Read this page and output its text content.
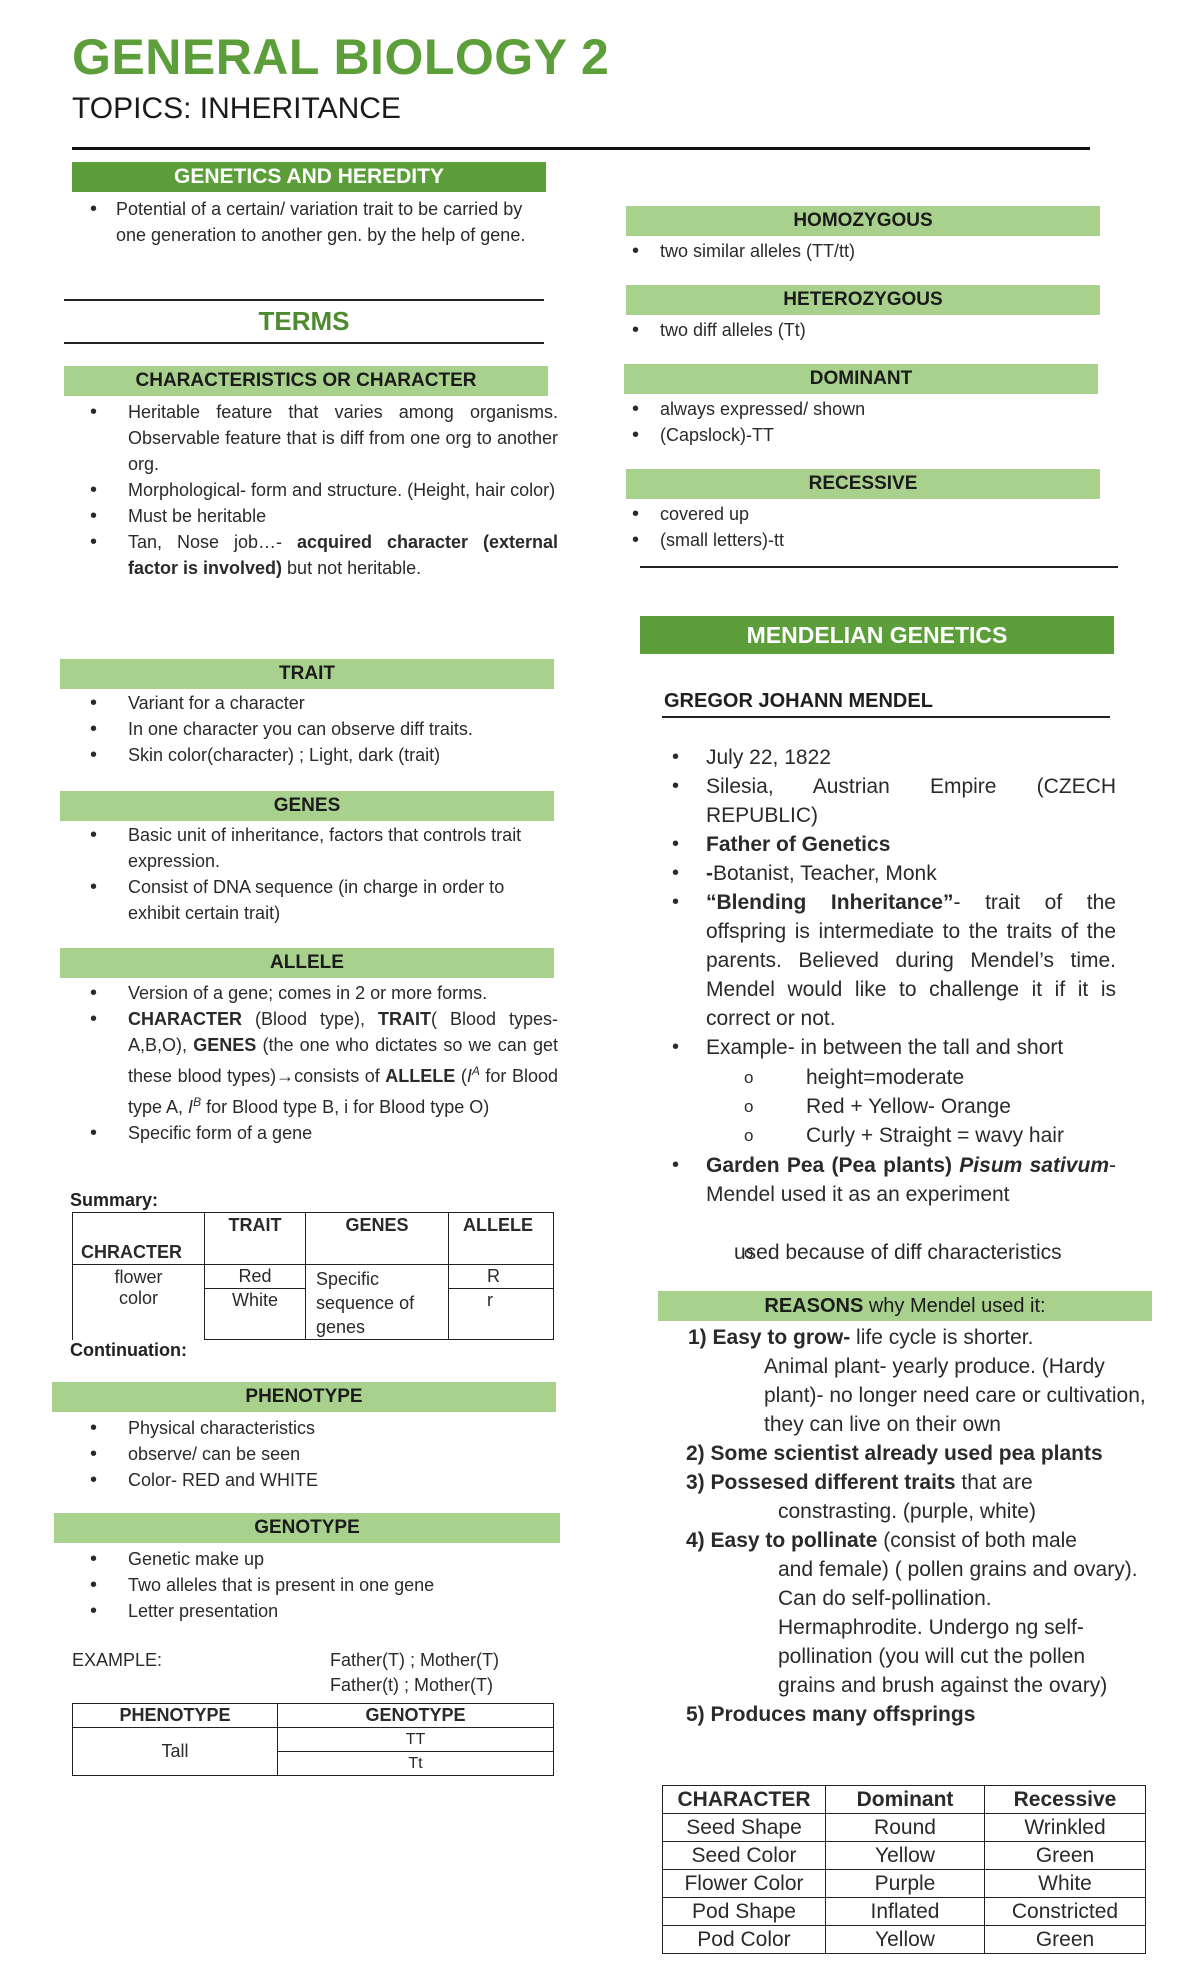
GENERAL BIOLOGY 2
TOPICS: INHERITANCE
GENETICS AND HEREDITY
• Potential of a certain/ variation trait to be carried by one generation to another gen. by the help of gene.
TERMS
CHARACTERISTICS OR CHARACTER
• Heritable feature that varies among organisms. Observable feature that is diff from one org to another org.
• Morphological- form and structure. (Height, hair color)
• Must be heritable
• Tan, Nose job…- acquired character (external factor is involved) but not heritable.
TRAIT
• Variant for a character
• In one character you can observe diff traits.
• Skin color(character) ; Light, dark (trait)
GENES
• Basic unit of inheritance, factors that controls trait expression.
• Consist of DNA sequence (in charge in order to exhibit certain trait)
ALLELE
• Version of a gene; comes in 2 or more forms.
• CHARACTER (Blood type), TRAIT( Blood types-A,B,O), GENES (the one who dictates so we can get these blood types)→consists of ALLELE ($I^A$ for Blood type A, $I^B$ for Blood type B, i for Blood type O)
• Specific form of a gene
Summary:
CHRACTER	TRAIT	GENES	ALLELE
flower color	Red	Specific sequence of genes	R
	White		r
Continuation:
PHENOTYPE
• Physical characteristics
• observe/ can be seen
• Color- RED and WHITE
GENOTYPE
• Genetic make up
• Two alleles that is present in one gene
• Letter presentation
EXAMPLE:	Father(T) ; Mother(T)
Father(t) ; Mother(T)
PHENOTYPE	GENOTYPE
Tall	TT
	Tt
HOMOZYGOUS
• two similar alleles (TT/tt)
HETEROZYGOUS
• two diff alleles (Tt)
DOMINANT
• always expressed/ shown
• (Capslock)-TT
RECESSIVE
• covered up
• (small letters)-tt
MENDELIAN GENETICS
GREGOR JOHANN MENDEL
• July 22, 1822
• Silesia, Austrian Empire (CZECH REPUBLIC)
• Father of Genetics
• -Botanist, Teacher, Monk
• “Blending Inheritance”- trait of the offspring is intermediate to the traits of the parents. Believed during Mendel’s time. Mendel would like to challenge it if it is correct or not.
• Example- in between the tall and short
o height=moderate
o Red + Yellow- Orange
o Curly + Straight = wavy hair
• Garden Pea (Pea plants) Pisum sativum- Mendel used it as an experiment
o used because of diff characteristics
REASONS why Mendel used it:
1) Easy to grow- life cycle is shorter.
Animal plant- yearly produce. (Hardy plant)- no longer need care or cultivation, they can live on their own
2) Some scientist already used pea plants
3) Possesed different traits that are
constrasting. (purple, white)
4) Easy to pollinate (consist of both male
and female) ( pollen grains and ovary). Can do self-pollination. Hermaphrodite. Undergo ng self-pollination (you will cut the pollen grains and brush against the ovary)
5) Produces many offsprings
CHARACTER	Dominant	Recessive
Seed Shape	Round	Wrinkled
Seed Color	Yellow	Green
Flower Color	Purple	White
Pod Shape	Inflated	Constricted
Pod Color	Yellow	Green
